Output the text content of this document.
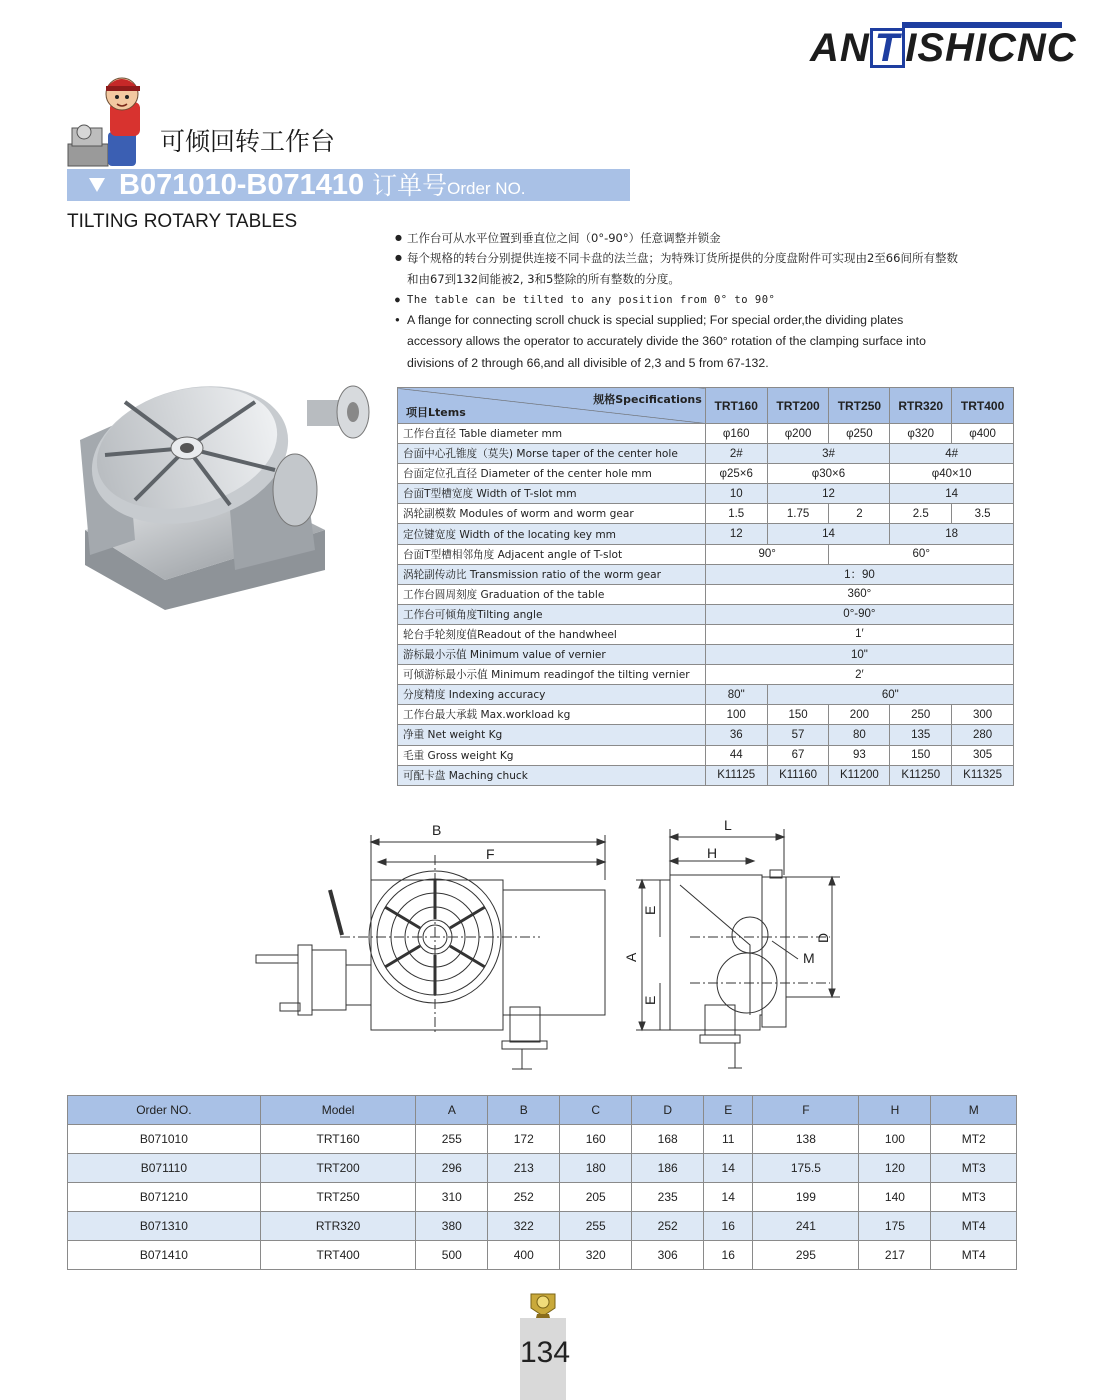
AN T ISHICNC
可倾回转工作台
B071010-B071410 订单号Order NO.
TILTING ROTARY TABLES
● 工作台可从水平位置到垂直位之间（0°-90°）任意调整并锁金
● 每个规格的转台分别提供连接不同卡盘的法兰盘；为特殊订货所提供的分度盘附件可实现由2至66间所有整数
和由67到132间能被2, 3和5整除的所有整数的分度。
● The table can be tilted to any position from 0° to 90°
● A flange for connecting scroll chuck is special supplied; For special order,the dividing plates
accessory allows the operator to accurately divide the 360° rotation of the clamping surface into
divisions of 2 through 66,and all divisible of 2,3 and 5 from 67-132.
规格Specifications
项目Ltems	TRT160	TRT200	TRT250	RTR320	TRT400
工作台直径 Table diameter mm	φ160	φ200	φ250	φ320	φ400
台面中心孔锥度（莫失) Morse taper of the center hole	2#	3#		4#	
台面定位孔直径 Diameter of the center hole mm	φ25×6	φ30×6		φ40×10	
台面T型槽宽度 Width of T-slot mm	10	12		14	
涡轮副模数 Modules of worm and worm gear	1.5	1.75	2	2.5	3.5
定位键宽度 Width of the locating key mm	12	14		18	
台面T型槽相邻角度 Adjacent angle of T-slot	90°		60°		
涡轮副传动比 Transmission ratio of the worm gear	1：90				
工作台圆周刻度 Graduation of the table	360°				
工作台可倾角度Tilting angle	0°-90°				
轮台手轮刻度值Readout of the handwheel	1′				
游标最小示值 Minimum value of vernier	10"				
可倾游标最小示值 Minimum readingof the tilting vernier	2′				
分度精度 Indexing accuracy	80"	60"			
工作台最大承载 Max.workload kg	100	150	200	250	300
净重 Net weight Kg	36	57	80	135	280
毛重 Gross weight Kg	44	67	93	150	305
可配卡盘 Maching chuck	K11125	K11160	K11200	K11250	K11325
B
F
L
H
A
E
E
D
M
Order NO.	Model	A	B	C	D	E	F	H	M
B071010	TRT160	255	172	160	168	11	138	100	MT2
B071110	TRT200	296	213	180	186	14	175.5	120	MT3
B071210	TRT250	310	252	205	235	14	199	140	MT3
B071310	RTR320	380	322	255	252	16	241	175	MT4
B071410	TRT400	500	400	320	306	16	295	217	MT4
134
